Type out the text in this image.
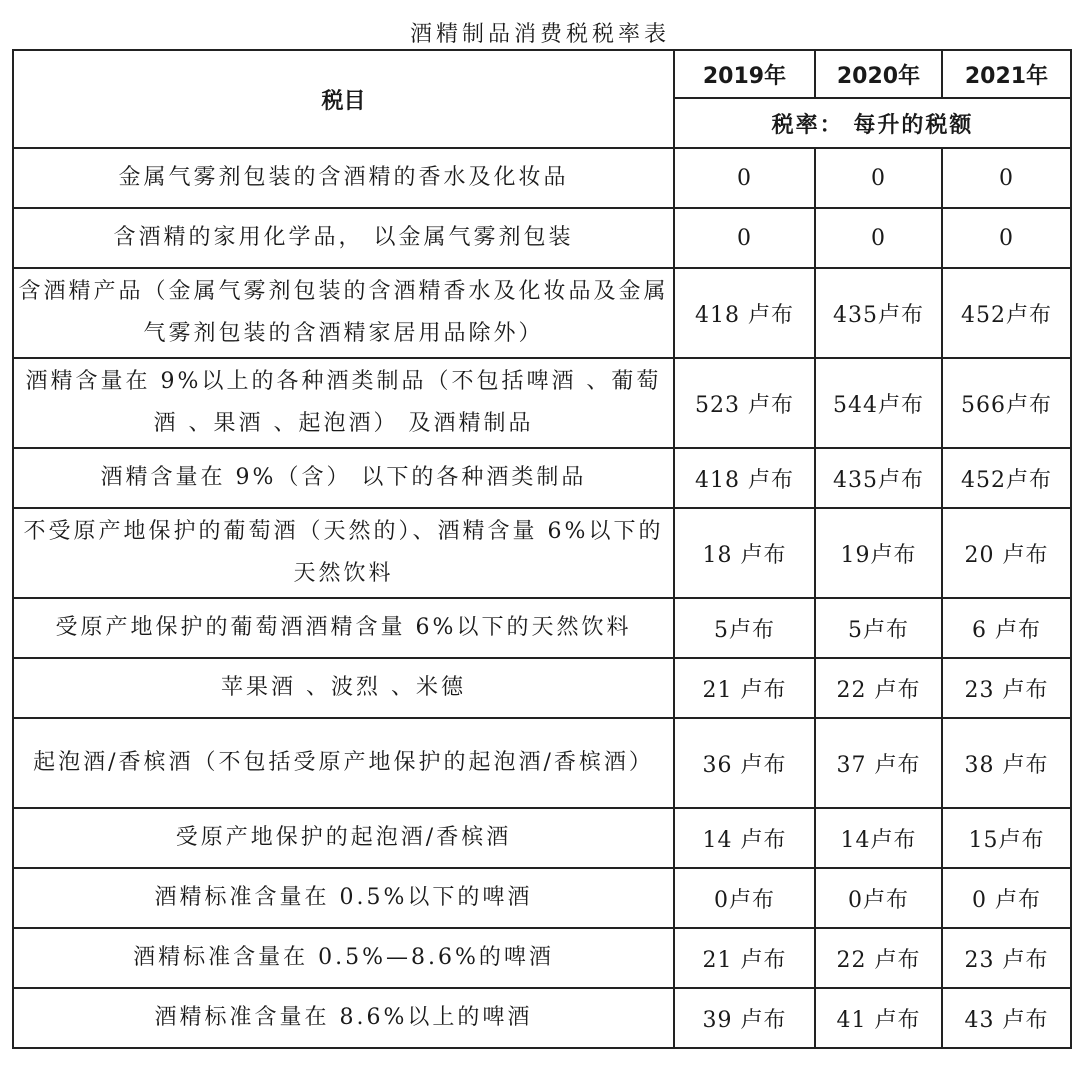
酒精制品消费税税率表
税目	2019年	2020年	2021年
	税率： 每升的税额		
金属气雾剂包装的含酒精的香水及化妆品	0	0	0
含酒精的家用化学品， 以金属气雾剂包装	0	0	0
含酒精产品（金属气雾剂包装的含酒精香水及化妆品及金属气雾剂包装的含酒精家居用品除外）	418 卢布	435卢布	452卢布
酒精含量在 9%以上的各种酒类制品（不包括啤酒 、葡萄酒 、果酒 、起泡酒） 及酒精制品	523 卢布	544卢布	566卢布
酒精含量在 9%（含） 以下的各种酒类制品	418 卢布	435卢布	452卢布
不受原产地保护的葡萄酒（天然的）、酒精含量 6%以下的天然饮料	18 卢布	19卢布	20 卢布
受原产地保护的葡萄酒酒精含量 6%以下的天然饮料	5卢布	5卢布	6 卢布
苹果酒 、波烈 、米德	21 卢布	22 卢布	23 卢布
起泡酒/香槟酒（不包括受原产地保护的起泡酒/香槟酒）	36 卢布	37 卢布	38 卢布
受原产地保护的起泡酒/香槟酒	14 卢布	14卢布	15卢布
酒精标准含量在 0.5%以下的啤酒	0卢布	0卢布	0 卢布
酒精标准含量在 0.5%—8.6%的啤酒	21 卢布	22 卢布	23 卢布
酒精标准含量在 8.6%以上的啤酒	39 卢布	41 卢布	43 卢布
